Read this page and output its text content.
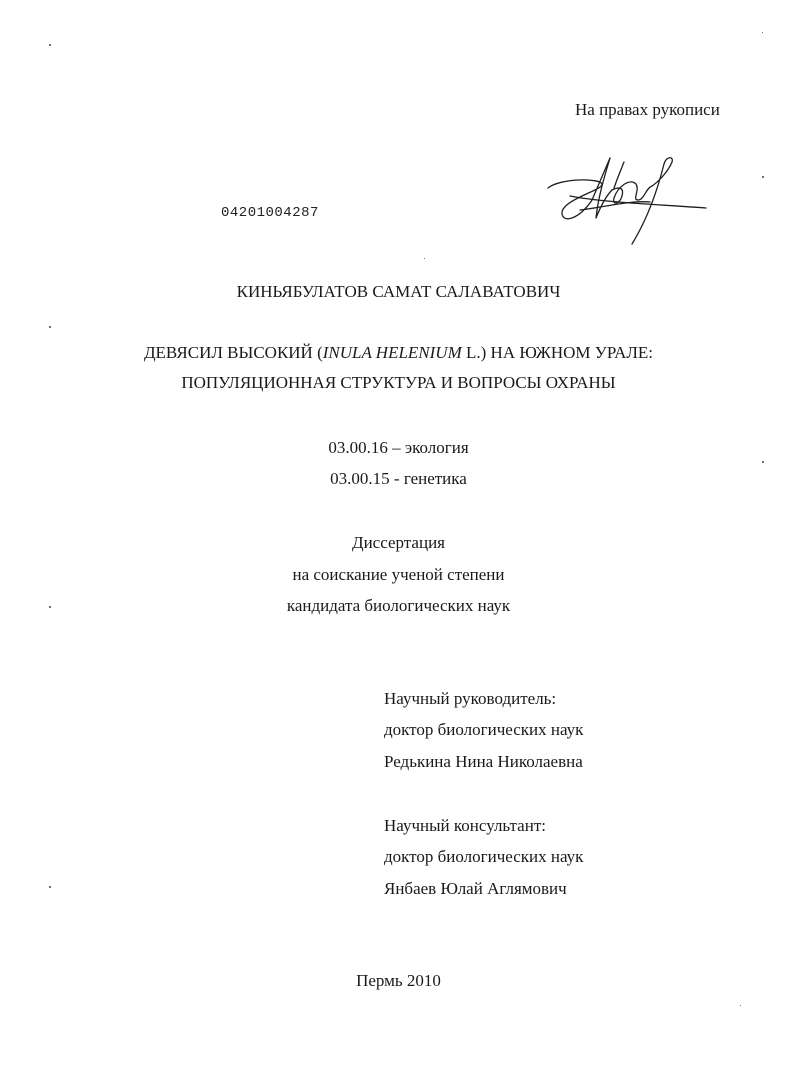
На правах рукописи
04201004287
КИНЬЯБУЛАТОВ САМАТ САЛАВАТОВИЧ
ДЕВЯСИЛ ВЫСОКИЙ (INULA HELENIUM L.) НА ЮЖНОМ УРАЛЕ:
ПОПУЛЯЦИОННАЯ СТРУКТУРА И ВОПРОСЫ ОХРАНЫ
03.00.16 – экология
03.00.15 - генетика
Диссертация
на соискание ученой степени
кандидата биологических наук
Научный руководитель:
доктор биологических наук
Редькина Нина Николаевна
Научный консультант:
доктор биологических наук
Янбаев Юлай Аглямович
Пермь 2010
